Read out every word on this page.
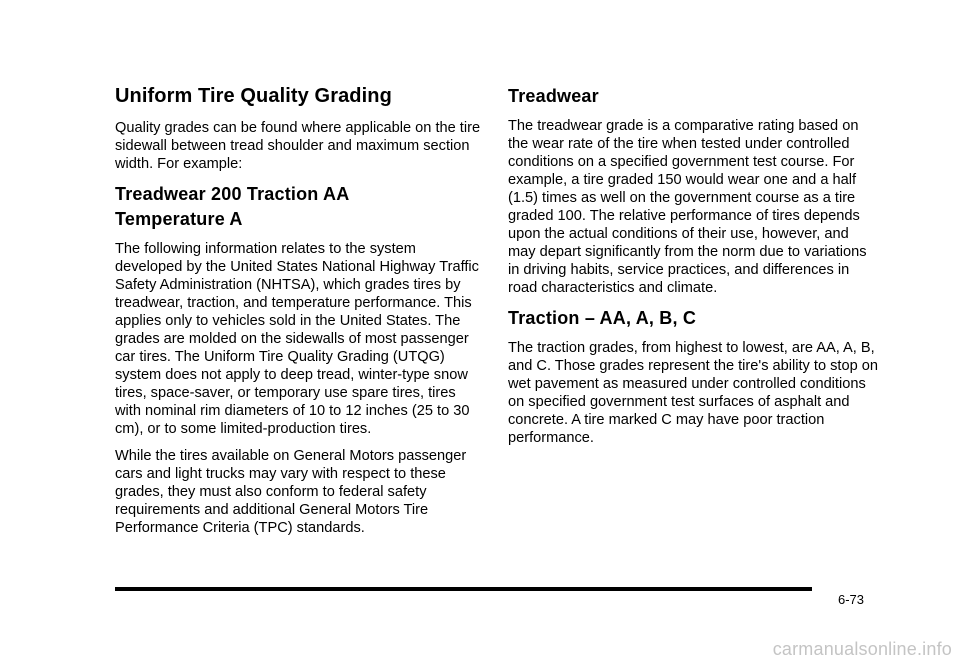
Uniform Tire Quality Grading

Quality grades can be found where applicable on the tire sidewall between tread shoulder and maximum section width. For example:

Treadwear 200 Traction AA
Temperature A

The following information relates to the system developed by the United States National Highway Traffic Safety Administration (NHTSA), which grades tires by treadwear, traction, and temperature performance. This applies only to vehicles sold in the United States. The grades are molded on the sidewalls of most passenger car tires. The Uniform Tire Quality Grading (UTQG) system does not apply to deep tread, winter-type snow tires, space-saver, or temporary use spare tires, tires with nominal rim diameters of 10 to 12 inches (25 to 30 cm), or to some limited-production tires.

While the tires available on General Motors passenger cars and light trucks may vary with respect to these grades, they must also conform to federal safety requirements and additional General Motors Tire Performance Criteria (TPC) standards.

Treadwear

The treadwear grade is a comparative rating based on the wear rate of the tire when tested under controlled conditions on a specified government test course. For example, a tire graded 150 would wear one and a half (1.5) times as well on the government course as a tire graded 100. The relative performance of tires depends upon the actual conditions of their use, however, and may depart significantly from the norm due to variations in driving habits, service practices, and differences in road characteristics and climate.

Traction – AA, A, B, C

The traction grades, from highest to lowest, are AA, A, B, and C. Those grades represent the tire's ability to stop on wet pavement as measured under controlled conditions on specified government test surfaces of asphalt and concrete. A tire marked C may have poor traction performance.

6-73
carmanualsonline.info
